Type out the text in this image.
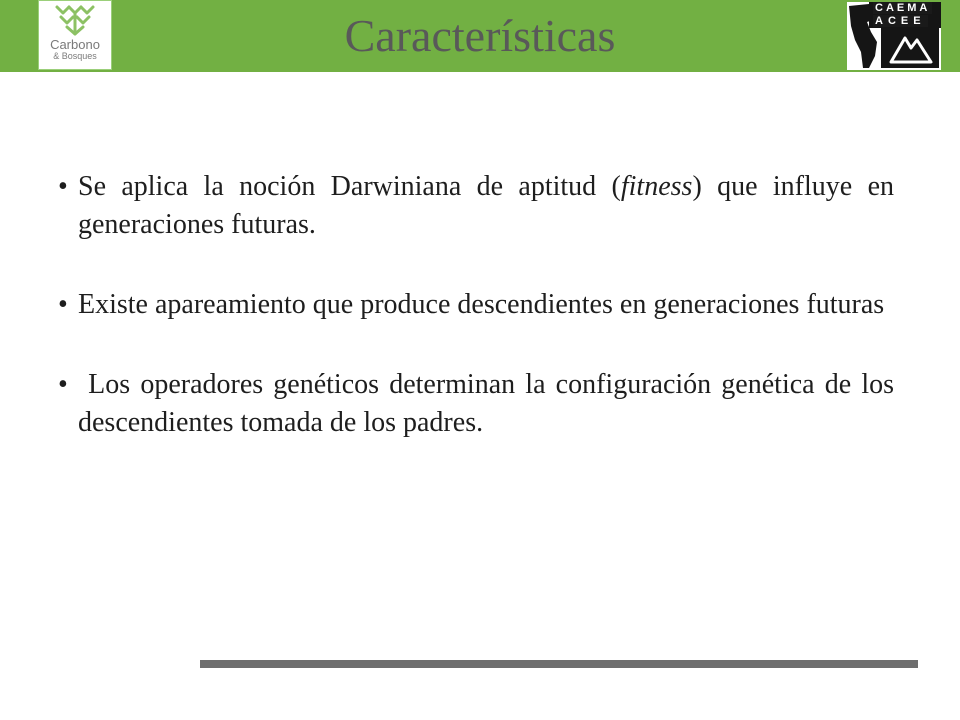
Carbono
& Bosques	Características
CAEMA
ACEE
• Se aplica la noción Darwiniana de aptitud (fitness) que influye en generaciones futuras.
• Existe apareamiento que produce descendientes en generaciones futuras
• Los operadores genéticos determinan la configuración genética de los descendientes tomada de los padres.
